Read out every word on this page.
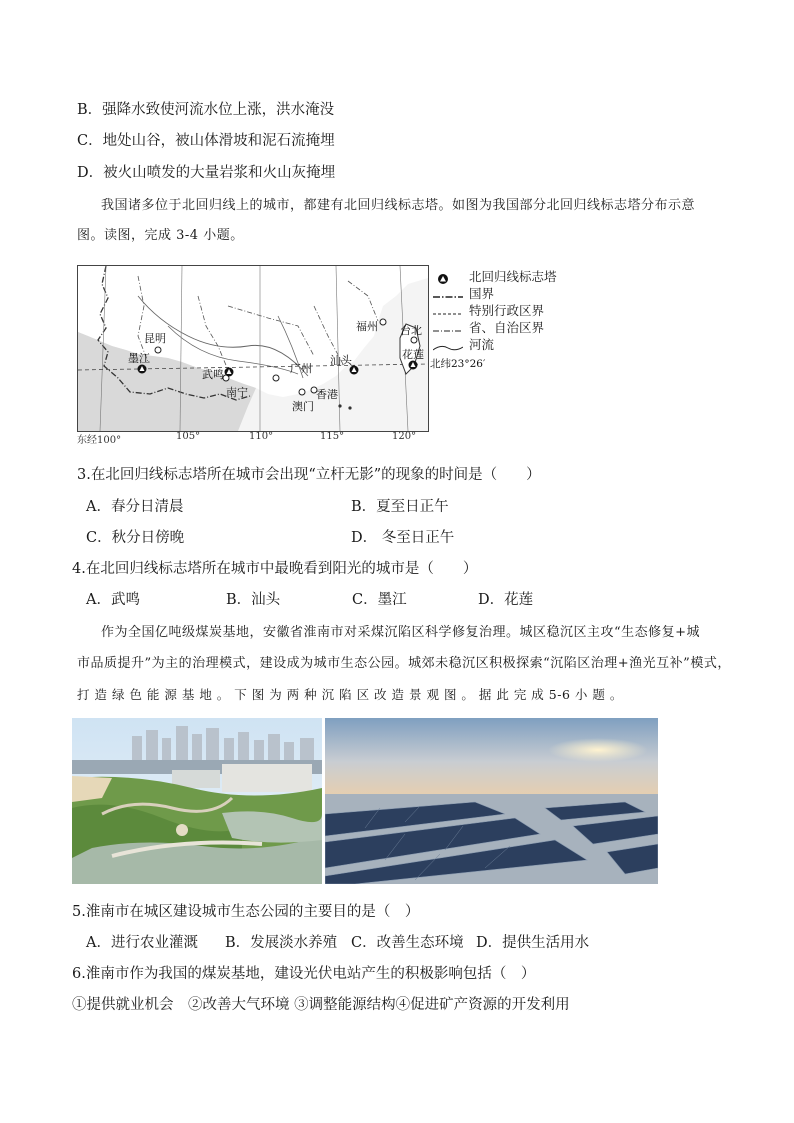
B．强降水致使河流水位上涨，洪水淹没
C．地处山谷，被山体滑坡和泥石流掩埋
D．被火山喷发的大量岩浆和火山灰掩埋
我国诸多位于北回归线上的城市，都建有北回归线标志塔。如图为我国部分北回归线标志塔分布示意
图。读图，完成 3-4 小题。
昆明
墨江
武鸣
南宁
广州
汕头
香港
澳门
福州 台北
花莲
北纬23°26′
东经100°	105°	110°	115°	120°
北回归线标志塔
国界
特别行政区界
省、自治区界
河流
3.在北回归线标志塔所在城市会出现“立杆无影”的现象的时间是（　　）
A．春分日清晨	B．夏至日正午
C．秋分日傍晚	D． 冬至日正午
4.在北回归线标志塔所在城市中最晚看到阳光的城市是（　　）
A．武鸣	B．汕头	C．墨江	D．花莲
作为全国亿吨级煤炭基地，安徽省淮南市对采煤沉陷区科学修复治理。城区稳沉区主攻“生态修复+城
市品质提升”为主的治理模式，建设成为城市生态公园。城郊未稳沉区积极探索“沉陷区治理+渔光互补”模式，
打 造 绿 色 能 源 基 地 。 下 图 为 两 种 沉 陷 区 改 造 景 观 图 。 据 此 完 成 5-6 小 题 。
5.淮南市在城区建设城市生态公园的主要目的是（　）
A．进行农业灌溉 B．发展淡水养殖 C．改善生态环境 D．提供生活用水
6.淮南市作为我国的煤炭基地，建设光伏电站产生的积极影响包括（　）
①提供就业机会　②改善大气环境 ③调整能源结构④促进矿产资源的开发利用
